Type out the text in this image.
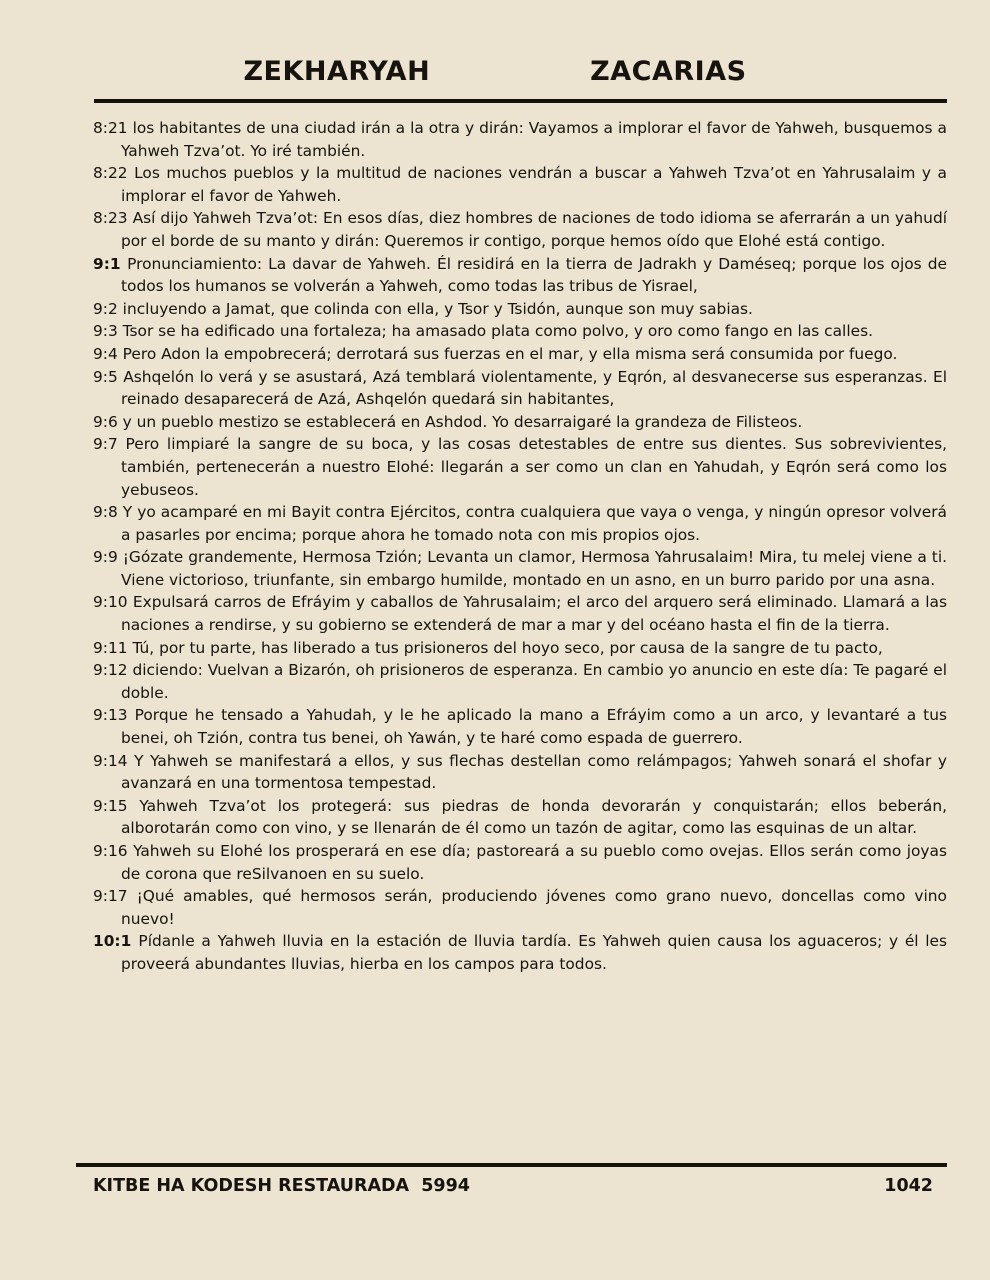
ZEKHARYAH	ZACARIAS

8:21 los habitantes de una ciudad irán a la otra y dirán: Vayamos a implorar el favor de Yahweh, busquemos a Yahweh Tzva’ot. Yo iré también.

8:22 Los muchos pueblos y la multitud de naciones vendrán a buscar a Yahweh Tzva’ot en Yahrusalaim y a implorar el favor de Yahweh.

8:23 Así dijo Yahweh Tzva’ot: En esos días, diez hombres de naciones de todo idioma se aferrarán a un yahudí por el borde de su manto y dirán: Queremos ir contigo, porque hemos oído que Elohé está contigo.

9:1 Pronunciamiento: La davar de Yahweh. Él residirá en la tierra de Jadrakh y Daméseq; porque los ojos de todos los humanos se volverán a Yahweh, como todas las tribus de Yisrael,

9:2 incluyendo a Jamat, que colinda con ella, y Tsor y Tsidón, aunque son muy sabias.

9:3 Tsor se ha edificado una fortaleza; ha amasado plata como polvo, y oro como fango en las calles.

9:4 Pero Adon la empobrecerá; derrotará sus fuerzas en el mar, y ella misma será consumida por fuego.

9:5 Ashqelón lo verá y se asustará, Azá temblará violentamente, y Eqrón, al desvanecerse sus esperanzas. El reinado desaparecerá de Azá, Ashqelón quedará sin habitantes,

9:6 y un pueblo mestizo se establecerá en Ashdod. Yo desarraigaré la grandeza de Filisteos.

9:7 Pero limpiaré la sangre de su boca, y las cosas detestables de entre sus dientes. Sus sobrevivientes, también, pertenecerán a nuestro Elohé: llegarán a ser como un clan en Yahudah, y Eqrón será como los yebuseos.

9:8 Y yo acamparé en mi Bayit contra Ejércitos, contra cualquiera que vaya o venga, y ningún opresor volverá a pasarles por encima; porque ahora he tomado nota con mis propios ojos.

9:9 ¡Gózate grandemente, Hermosa Tzión; Levanta un clamor, Hermosa Yahrusalaim! Mira, tu melej viene a ti. Viene victorioso, triunfante, sin embargo humilde, montado en un asno, en un burro parido por una asna.

9:10 Expulsará carros de Efráyim y caballos de Yahrusalaim; el arco del arquero será eliminado. Llamará a las naciones a rendirse, y su gobierno se extenderá de mar a mar y del océano hasta el fin de la tierra.

9:11 Tú, por tu parte, has liberado a tus prisioneros del hoyo seco, por causa de la sangre de tu pacto,

9:12 diciendo: Vuelvan a Bizarón, oh prisioneros de esperanza. En cambio yo anuncio en este día: Te pagaré el doble.

9:13 Porque he tensado a Yahudah, y le he aplicado la mano a Efráyim como a un arco, y levantaré a tus benei, oh Tzión, contra tus benei, oh Yawán, y te haré como espada de guerrero.

9:14 Y Yahweh se manifestará a ellos, y sus flechas destellan como relámpagos; Yahweh sonará el shofar y avanzará en una tormentosa tempestad.

9:15 Yahweh Tzva’ot los protegerá: sus piedras de honda devorarán y conquistarán; ellos beberán, alborotarán como con vino, y se llenarán de él como un tazón de agitar, como las esquinas de un altar.

9:16 Yahweh su Elohé los prosperará en ese día; pastoreará a su pueblo como ovejas. Ellos serán como joyas de corona que reSilvanoen en su suelo.

9:17 ¡Qué amables, qué hermosos serán, produciendo jóvenes como grano nuevo, doncellas como vino nuevo!

10:1 Pídanle a Yahweh lluvia en la estación de lluvia tardía. Es Yahweh quien causa los aguaceros; y él les proveerá abundantes lluvias, hierba en los campos para todos.

KITBE HA KODESH RESTAURADA  5994	1042
